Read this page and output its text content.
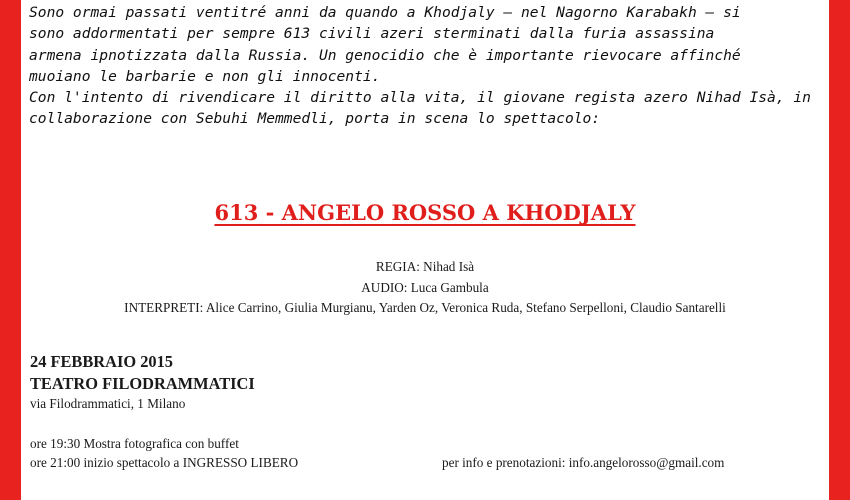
Sono ormai passati ventitré anni da quando a Khodjaly – nel Nagorno Karabakh – si
sono addormentati per sempre 613 civili azeri sterminati dalla furia assassina
armena ipnotizzata dalla Russia. Un genocidio che è importante rievocare affinché
muoiano le barbarie e non gli innocenti.
Con l'intento di rivendicare il diritto alla vita, il giovane regista azero Nihad Isà, in
collaborazione con Sebuhi Memmedli, porta in scena lo spettacolo:
613 - ANGELO ROSSO A KHODJALY
REGIA: Nihad Isà
AUDIO: Luca Gambula
INTERPRETI: Alice Carrino, Giulia Murgianu, Yarden Oz, Veronica Ruda, Stefano Serpelloni, Claudio Santarelli
24 FEBBRAIO 2015
TEATRO FILODRAMMATICI
via Filodrammatici, 1 Milano
ore 19:30 Mostra fotografica con buffet
ore 21:00 inizio spettacolo a INGRESSO LIBERO	per info e prenotazioni: info.angelorosso@gmail.com
